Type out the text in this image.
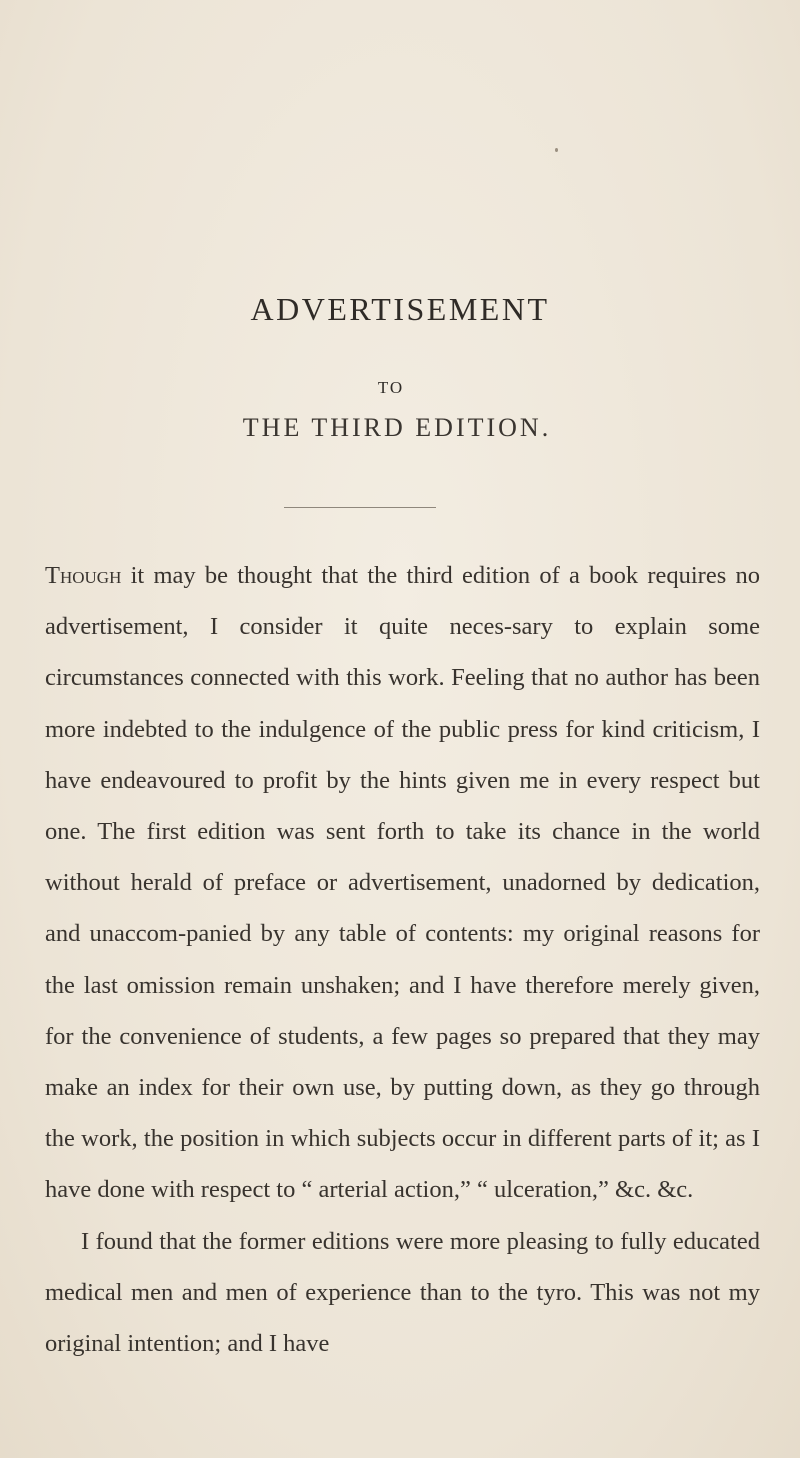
ADVERTISEMENT
TO
THE THIRD EDITION.

Though it may be thought that the third edition of a book requires no advertisement, I consider it quite neces-sary to explain some circumstances connected with this work. Feeling that no author has been more indebted to the indulgence of the public press for kind criticism, I have endeavoured to profit by the hints given me in every respect but one. The first edition was sent forth to take its chance in the world without herald of preface or advertisement, unadorned by dedication, and unaccom-panied by any table of contents: my original reasons for the last omission remain unshaken; and I have therefore merely given, for the convenience of students, a few pages so prepared that they may make an index for their own use, by putting down, as they go through the work, the position in which subjects occur in different parts of it; as I have done with respect to “ arterial action,” “ ulceration,” &c. &c.

I found that the former editions were more pleasing to fully educated medical men and men of experience than to the tyro. This was not my original intention; and I have
